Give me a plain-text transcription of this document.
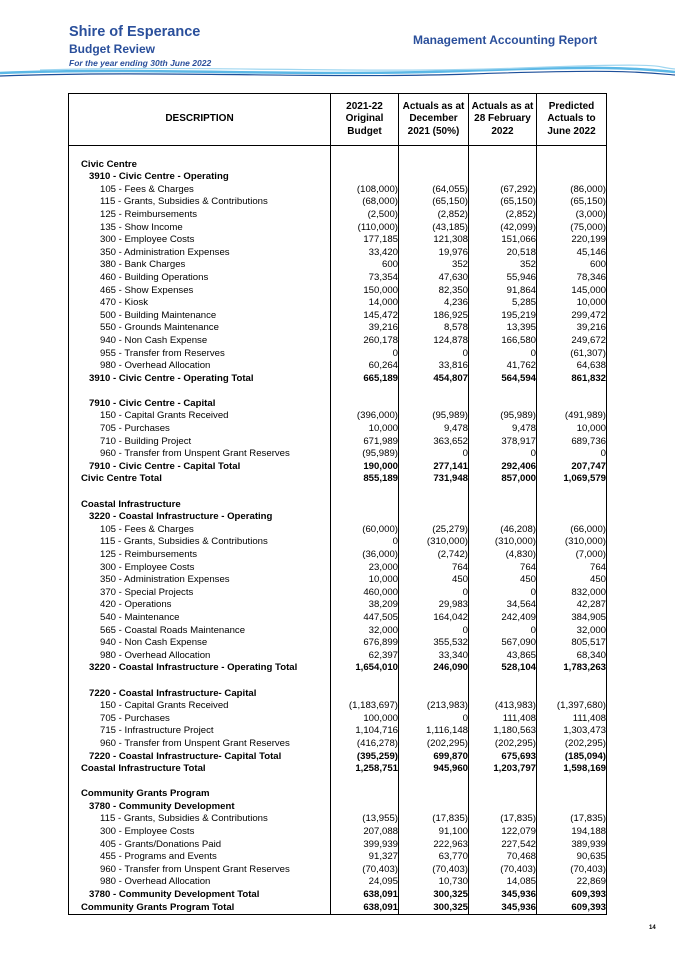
Shire of Esperance
Budget Review
For the year ending 30th June 2022
Management Accounting Report
DESCRIPTION	2021-22 Original Budget	Actuals as at December 2021 (50%)	Actuals as at 28 February 2022	Predicted Actuals to June 2022

Civic Centre				
3910 - Civic Centre - Operating				
105 - Fees & Charges	(108,000)	(64,055)	(67,292)	(86,000)
115 - Grants, Subsidies & Contributions	(68,000)	(65,150)	(65,150)	(65,150)
125 - Reimbursements	(2,500)	(2,852)	(2,852)	(3,000)
135 - Show Income	(110,000)	(43,185)	(42,099)	(75,000)
300 - Employee Costs	177,185	121,308	151,066	220,199
350 - Administration Expenses	33,420	19,976	20,518	45,146
380 - Bank Charges	600	352	352	600
460 - Building Operations	73,354	47,630	55,946	78,346
465 - Show Expenses	150,000	82,350	91,864	145,000
470 - Kiosk	14,000	4,236	5,285	10,000
500 - Building Maintenance	145,472	186,925	195,219	299,472
550 - Grounds Maintenance	39,216	8,578	13,395	39,216
940 - Non Cash Expense	260,178	124,878	166,580	249,672
955 - Transfer from Reserves	0	0	0	(61,307)
980 - Overhead Allocation	60,264	33,816	41,762	64,638
3910 - Civic Centre - Operating Total	665,189	454,807	564,594	861,832

7910 - Civic Centre - Capital				
150 - Capital Grants Received	(396,000)	(95,989)	(95,989)	(491,989)
705 - Purchases	10,000	9,478	9,478	10,000
710 - Building Project	671,989	363,652	378,917	689,736
960 - Transfer from Unspent Grant Reserves	(95,989)	0	0	0
7910 - Civic Centre - Capital Total	190,000	277,141	292,406	207,747
Civic Centre Total	855,189	731,948	857,000	1,069,579

Coastal Infrastructure				
3220 - Coastal Infrastructure - Operating				
105 - Fees & Charges	(60,000)	(25,279)	(46,208)	(66,000)
115 - Grants, Subsidies & Contributions	0	(310,000)	(310,000)	(310,000)
125 - Reimbursements	(36,000)	(2,742)	(4,830)	(7,000)
300 - Employee Costs	23,000	764	764	764
350 - Administration Expenses	10,000	450	450	450
370 - Special Projects	460,000	0	0	832,000
420 - Operations	38,209	29,983	34,564	42,287
540 - Maintenance	447,505	164,042	242,409	384,905
565 - Coastal Roads Maintenance	32,000	0	0	32,000
940 - Non Cash Expense	676,899	355,532	567,090	805,517
980 - Overhead Allocation	62,397	33,340	43,865	68,340
3220 - Coastal Infrastructure - Operating Total	1,654,010	246,090	528,104	1,783,263

7220 - Coastal Infrastructure- Capital				
150 - Capital Grants Received	(1,183,697)	(213,983)	(413,983)	(1,397,680)
705 - Purchases	100,000	0	111,408	111,408
715 - Infrastructure Project	1,104,716	1,116,148	1,180,563	1,303,473
960 - Transfer from Unspent Grant Reserves	(416,278)	(202,295)	(202,295)	(202,295)
7220 - Coastal Infrastructure- Capital Total	(395,259)	699,870	675,693	(185,094)
Coastal Infrastructure Total	1,258,751	945,960	1,203,797	1,598,169

Community Grants Program				
3780 - Community Development				
115 - Grants, Subsidies & Contributions	(13,955)	(17,835)	(17,835)	(17,835)
300 - Employee Costs	207,088	91,100	122,079	194,188
405 - Grants/Donations Paid	399,939	222,963	227,542	389,939
455 - Programs and Events	91,327	63,770	70,468	90,635
960 - Transfer from Unspent Grant Reserves	(70,403)	(70,403)	(70,403)	(70,403)
980 - Overhead Allocation	24,095	10,730	14,085	22,869
3780 - Community Development Total	638,091	300,325	345,936	609,393
Community Grants Program Total	638,091	300,325	345,936	609,393
14
